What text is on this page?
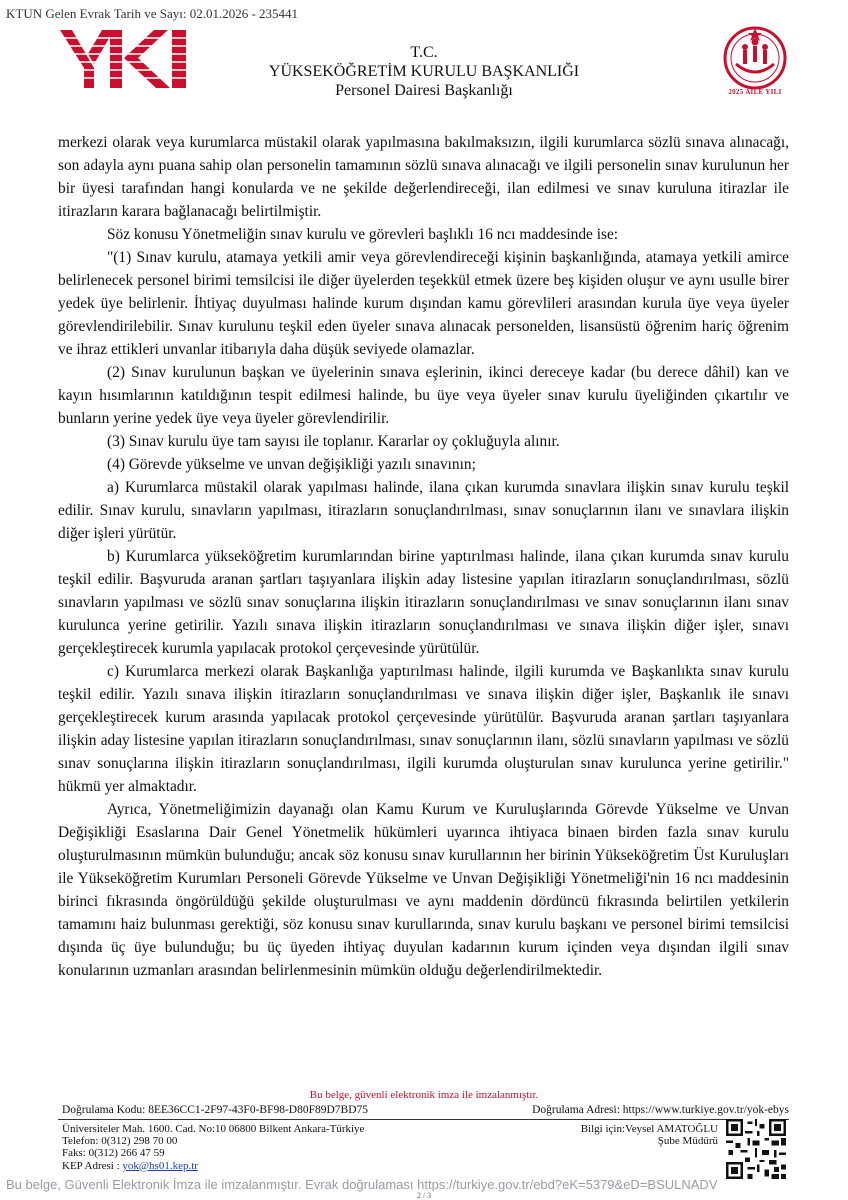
KTUN Gelen Evrak Tarih ve Sayı: 02.01.2026 - 235441
T.C.
YÜKSEKÖĞRETİM KURULU BAŞKANLIĞI
Personel Dairesi Başkanlığı	2025 AİLE YILI

merkezi olarak veya kurumlarca müstakil olarak yapılmasına bakılmaksızın, ilgili kurumlarca sözlü sınava alınacağı, son adayla aynı puana sahip olan personelin tamamının sözlü sınava alınacağı ve ilgili personelin sınav kurulunun her bir üyesi tarafından hangi konularda ve ne şekilde değerlendireceği, ilan edilmesi ve sınav kuruluna itirazlar ile itirazların karara bağlanacağı belirtilmiştir.

Söz konusu Yönetmeliğin sınav kurulu ve görevleri başlıklı 16 ncı maddesinde ise:

"(1) Sınav kurulu, atamaya yetkili amir veya görevlendireceği kişinin başkanlığında, atamaya yetkili amirce belirlenecek personel birimi temsilcisi ile diğer üyelerden teşekkül etmek üzere beş kişiden oluşur ve aynı usulle birer yedek üye belirlenir. İhtiyaç duyulması halinde kurum dışından kamu görevlileri arasından kurula üye veya üyeler görevlendirilebilir. Sınav kurulunu teşkil eden üyeler sınava alınacak personelden, lisansüstü öğrenim hariç öğrenim ve ihraz ettikleri unvanlar itibarıyla daha düşük seviyede olamazlar.

(2) Sınav kurulunun başkan ve üyelerinin sınava eşlerinin, ikinci dereceye kadar (bu derece dâhil) kan ve kayın hısımlarının katıldığının tespit edilmesi halinde, bu üye veya üyeler sınav kurulu üyeliğinden çıkartılır ve bunların yerine yedek üye veya üyeler görevlendirilir.

(3) Sınav kurulu üye tam sayısı ile toplanır. Kararlar oy çokluğuyla alınır.

(4) Görevde yükselme ve unvan değişikliği yazılı sınavının;

a) Kurumlarca müstakil olarak yapılması halinde, ilana çıkan kurumda sınavlara ilişkin sınav kurulu teşkil edilir. Sınav kurulu, sınavların yapılması, itirazların sonuçlandırılması, sınav sonuçlarının ilanı ve sınavlara ilişkin diğer işleri yürütür.

b) Kurumlarca yükseköğretim kurumlarından birine yaptırılması halinde, ilana çıkan kurumda sınav kurulu teşkil edilir. Başvuruda aranan şartları taşıyanlara ilişkin aday listesine yapılan itirazların sonuçlandırılması, sözlü sınavların yapılması ve sözlü sınav sonuçlarına ilişkin itirazların sonuçlandırılması ve sınav sonuçlarının ilanı sınav kurulunca yerine getirilir. Yazılı sınava ilişkin itirazların sonuçlandırılması ve sınava ilişkin diğer işler, sınavı gerçekleştirecek kurumla yapılacak protokol çerçevesinde yürütülür.

c) Kurumlarca merkezi olarak Başkanlığa yaptırılması halinde, ilgili kurumda ve Başkanlıkta sınav kurulu teşkil edilir. Yazılı sınava ilişkin itirazların sonuçlandırılması ve sınava ilişkin diğer işler, Başkanlık ile sınavı gerçekleştirecek kurum arasında yapılacak protokol çerçevesinde yürütülür. Başvuruda aranan şartları taşıyanlara ilişkin aday listesine yapılan itirazların sonuçlandırılması, sınav sonuçlarının ilanı, sözlü sınavların yapılması ve sözlü sınav sonuçlarına ilişkin itirazların sonuçlandırılması, ilgili kurumda oluşturulan sınav kurulunca yerine getirilir." hükmü yer almaktadır.

Ayrıca, Yönetmeliğimizin dayanağı olan Kamu Kurum ve Kuruluşlarında Görevde Yükselme ve Unvan Değişikliği Esaslarına Dair Genel Yönetmelik hükümleri uyarınca ihtiyaca binaen birden fazla sınav kurulu oluşturulmasının mümkün bulunduğu; ancak söz konusu sınav kurullarının her birinin Yükseköğretim Üst Kuruluşları ile Yükseköğretim Kurumları Personeli Görevde Yükselme ve Unvan Değişikliği Yönetmeliği'nin 16 ncı maddesinin birinci fıkrasında öngörüldüğü şekilde oluşturulması ve aynı maddenin dördüncü fıkrasında belirtilen yetkilerin tamamını haiz bulunması gerektiği, söz konusu sınav kurullarında, sınav kurulu başkanı ve personel birimi temsilcisi dışında üç üye bulunduğu; bu üç üyeden ihtiyaç duyulan kadarının kurum içinden veya dışından ilgili sınav konularının uzmanları arasından belirlenmesinin mümkün olduğu değerlendirilmektedir.

Bu belge, güvenli elektronik imza ile imzalanmıştır.
Doğrulama Kodu: 8EE36CC1-2F97-43F0-BF98-D80F89D7BD75	Doğrulama Adresi: https://www.turkiye.gov.tr/yok-ebys
Üniversiteler Mah. 1600. Cad. No:10 06800 Bilkent Ankara-Türkiye
Telefon: 0(312) 298 70 00
Faks: 0(312) 266 47 59
KEP Adresi : yok@hs01.kep.tr
Bilgi için:Veysel AMATOĞLU
Şube Müdürü
Bu belge, Güvenli Elektronik İmza ile imzalanmıştır. Evrak doğrulaması https://turkiye.gov.tr/ebd?eK=5379&eD=BSULNADV
2 / 3
